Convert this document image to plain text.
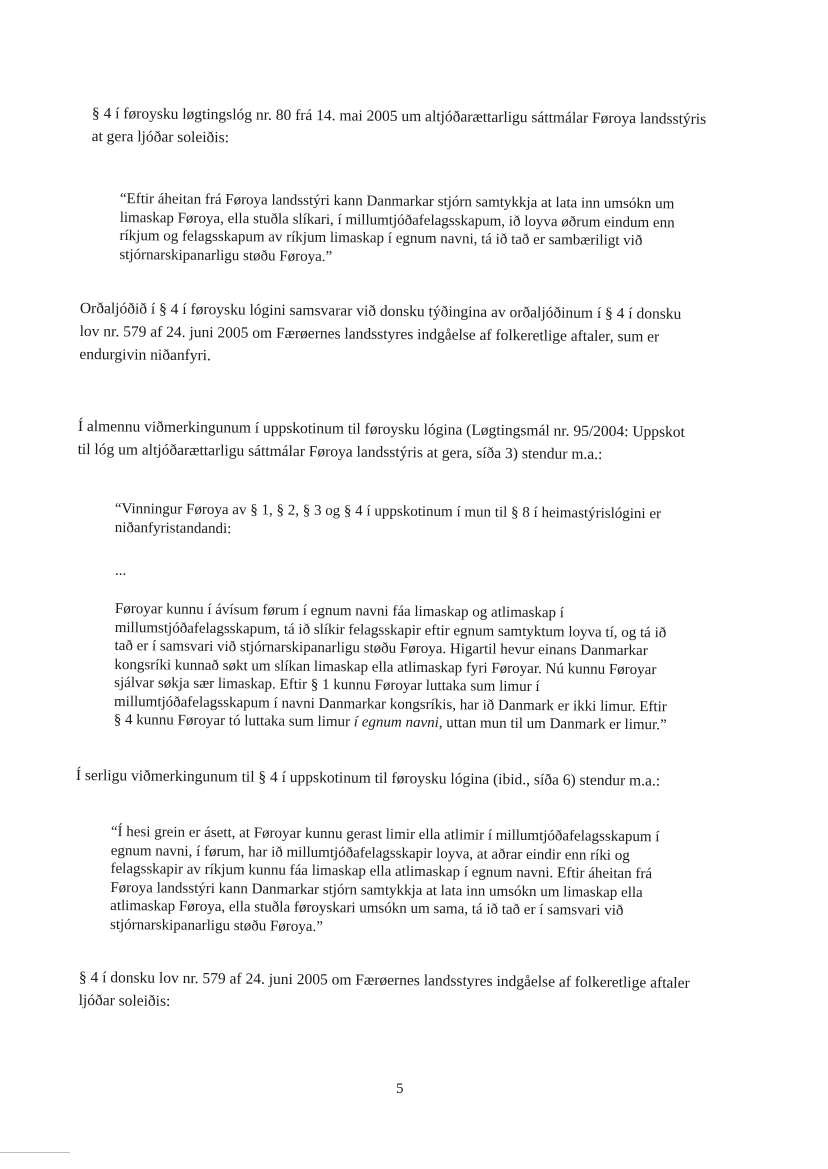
§ 4 í føroysku løgtingslóg nr. 80 frá 14. mai 2005 um altjóðarættarligu sáttmálar Føroya landsstýris
at gera ljóðar soleiðis:

“Eftir áheitan frá Føroya landsstýri kann Danmarkar stjórn samtykkja at lata inn umsókn um
limaskap Føroya, ella stuðla slíkari, í millumtjóðafelagsskapum, ið loyva øðrum eindum enn
ríkjum og felagsskapum av ríkjum limaskap í egnum navni, tá ið tað er sambæriligt við
stjórnarskipanarligu støðu Føroya.”

Orðaljóðið í § 4 í føroysku lógini samsvarar við donsku týðingina av orðaljóðinum í § 4 í donsku
lov nr. 579 af 24. juni 2005 om Færøernes landsstyres indgåelse af folkeretlige aftaler, sum er
endurgivin niðanfyri.

Í almennu viðmerkingunum í uppskotinum til føroysku lógina (Løgtingsmál nr. 95/2004: Uppskot
til lóg um altjóðarættarligu sáttmálar Føroya landsstýris at gera, síða 3) stendur m.a.:

“Vinningur Føroya av § 1, § 2, § 3 og § 4 í uppskotinum í mun til § 8 í heimastýrislógini er
niðanfyristandandi:
...
Føroyar kunnu í ávísum førum í egnum navni fáa limaskap og atlimaskap í
millumstjóðafelagsskapum, tá ið slíkir felagsskapir eftir egnum samtyktum loyva tí, og tá ið
tað er í samsvari við stjórnarskipanarligu støðu Føroya. Higartil hevur einans Danmarkar
kongsríki kunnað søkt um slíkan limaskap ella atlimaskap fyri Føroyar. Nú kunnu Føroyar
sjálvar søkja sær limaskap. Eftir § 1 kunnu Føroyar luttaka sum limur í
millumtjóðafelagsskapum í navni Danmarkar kongsríkis, har ið Danmark er ikki limur. Eftir
§ 4 kunnu Føroyar tó luttaka sum limur í egnum navni, uttan mun til um Danmark er limur.”

Í serligu viðmerkingunum til § 4 í uppskotinum til føroysku lógina (ibid., síða 6) stendur m.a.:

“Í hesi grein er ásett, at Føroyar kunnu gerast limir ella atlimir í millumtjóðafelagsskapum í
egnum navni, í førum, har ið millumtjóðafelagsskapir loyva, at aðrar eindir enn ríki og
felagsskapir av ríkjum kunnu fáa limaskap ella atlimaskap í egnum navni. Eftir áheitan frá
Føroya landsstýri kann Danmarkar stjórn samtykkja at lata inn umsókn um limaskap ella
atlimaskap Føroya, ella stuðla føroyskari umsókn um sama, tá ið tað er í samsvari við
stjórnarskipanarligu støðu Føroya.”

§ 4 í donsku lov nr. 579 af 24. juni 2005 om Færøernes landsstyres indgåelse af folkeretlige aftaler
ljóðar soleiðis:

5
